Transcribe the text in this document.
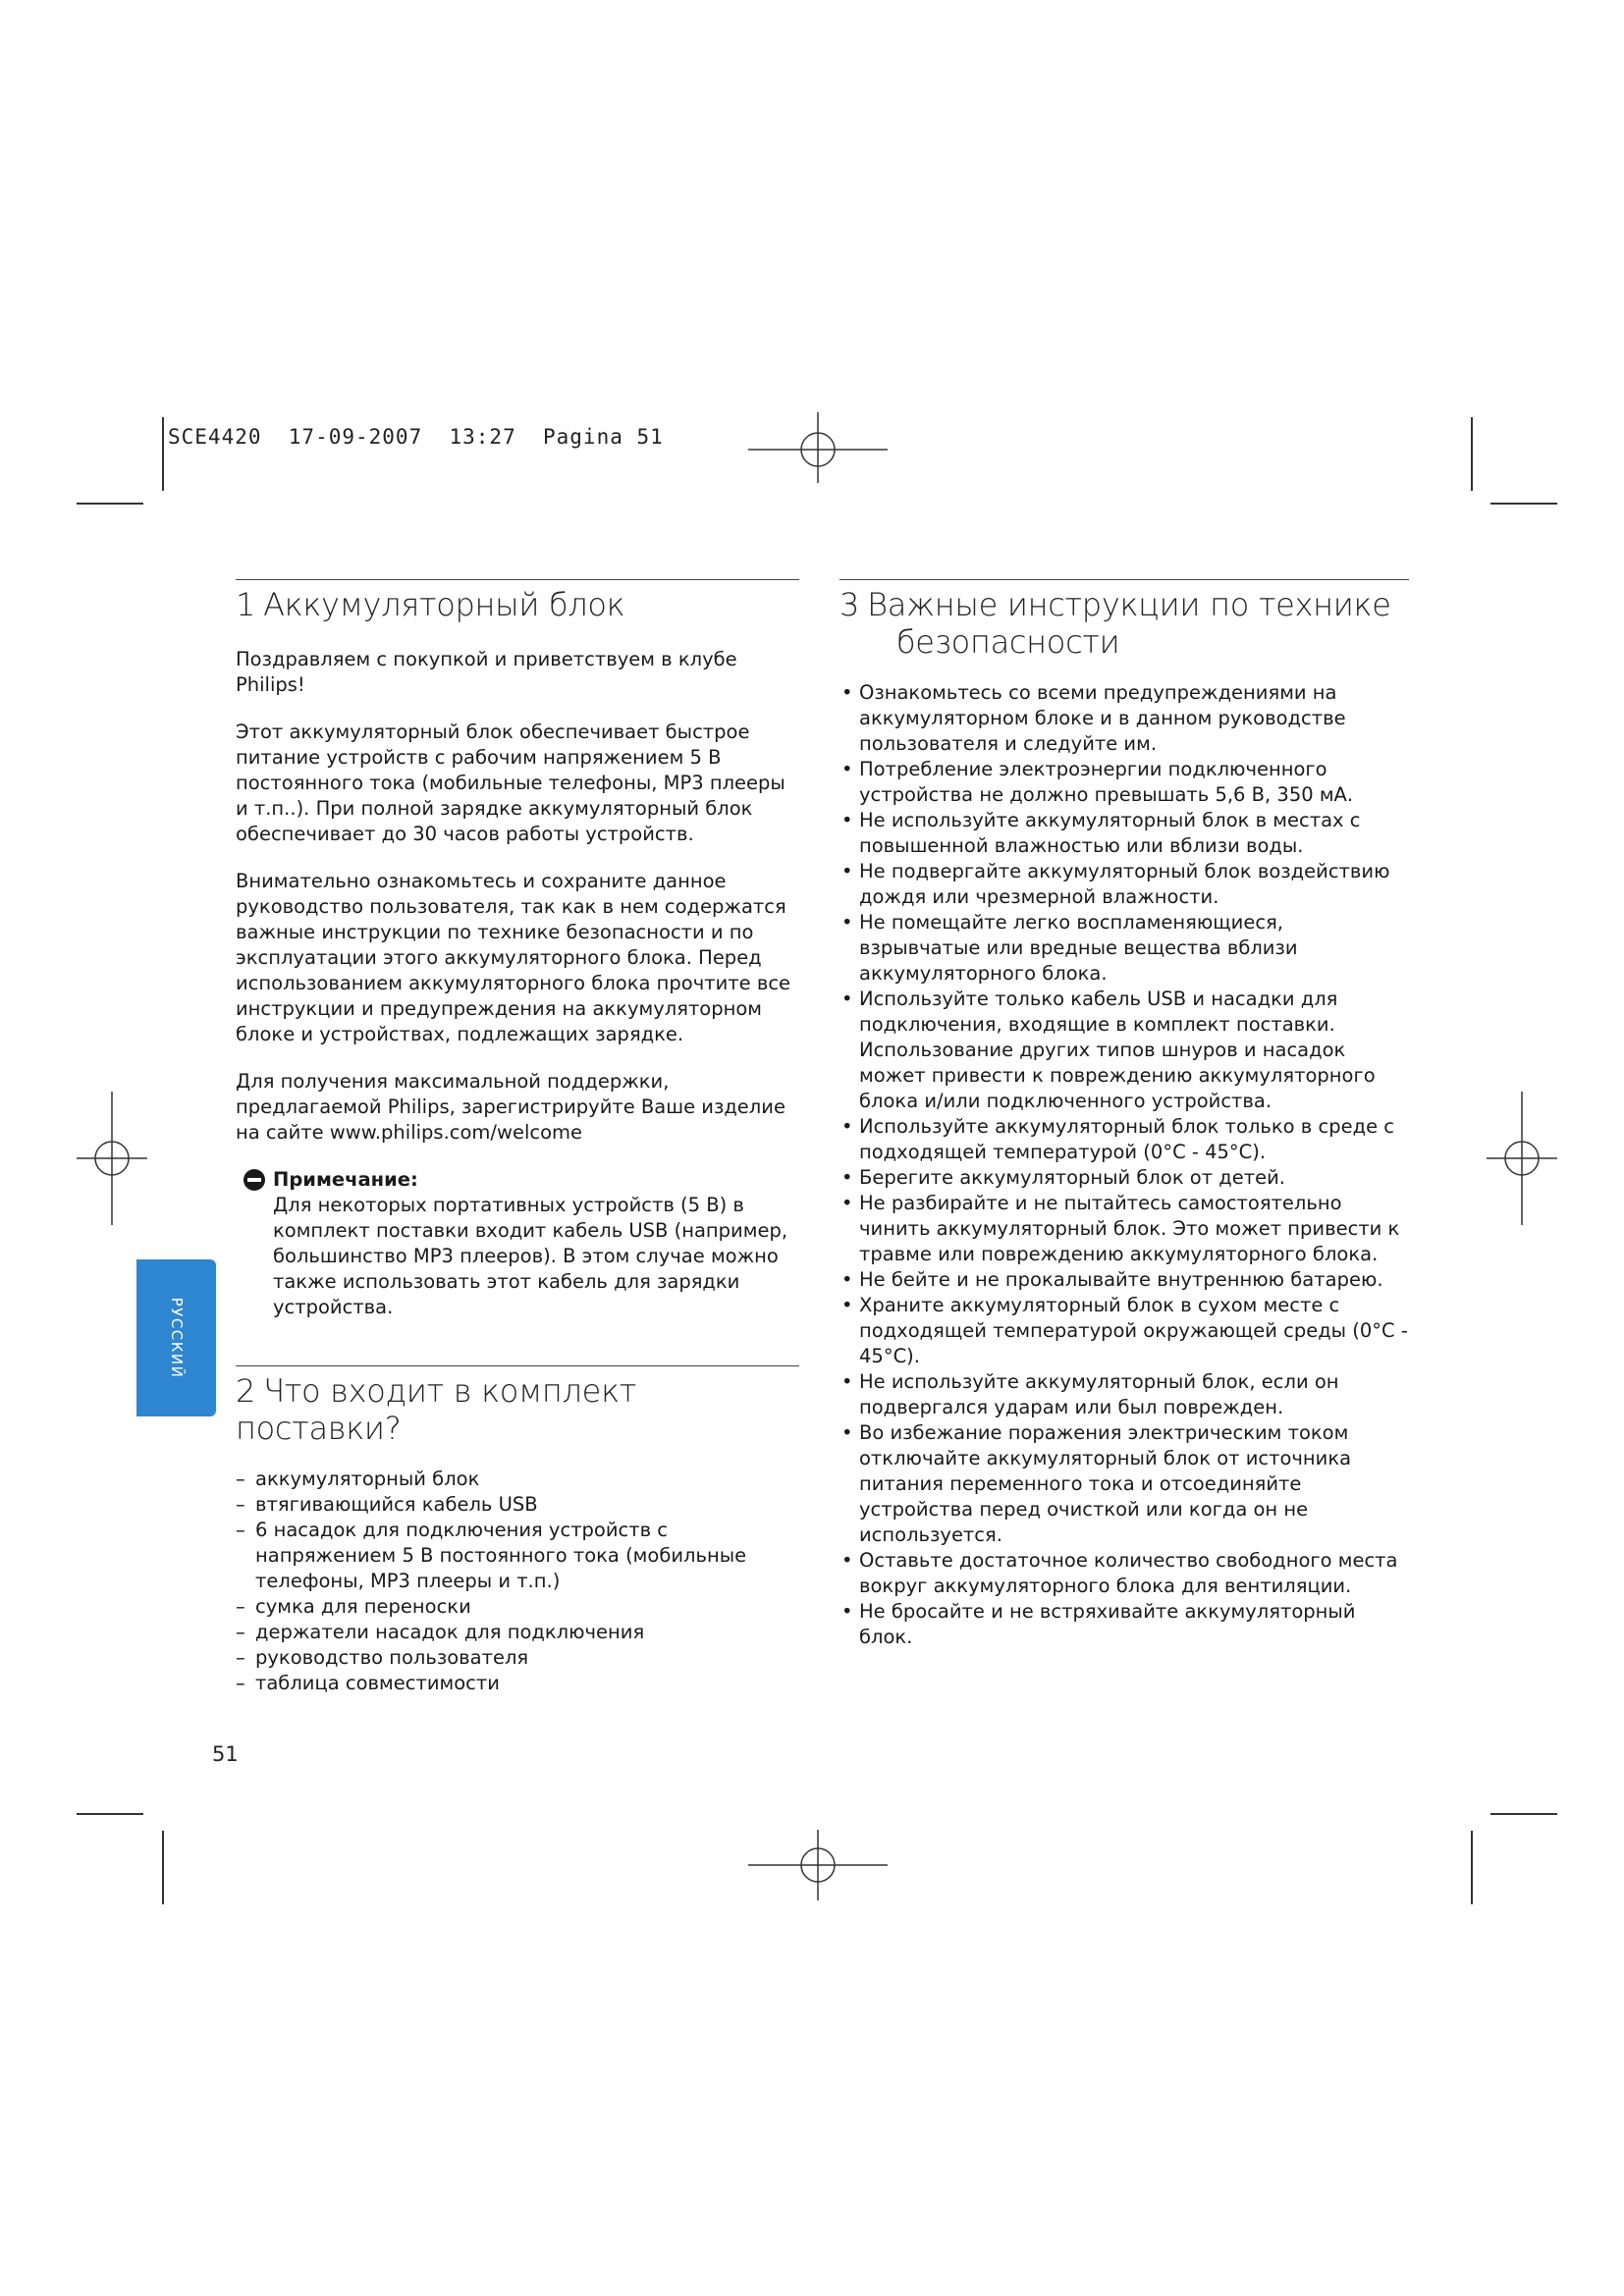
SCE4420  17-09-2007  13:27  Pagina 51
РУССКИЙ
1 Аккумуляторный блок

Поздравляем с покупкой и приветствуем в клубе Philips!

Этот аккумуляторный блок обеспечивает быстрое питание устройств с рабочим напряжением 5 В постоянного тока (мобильные телефоны, MP3 плееры и т.п..). При полной зарядке аккумуляторный блок обеспечивает до 30 часов работы устройств.

Внимательно ознакомьтесь и сохраните данное руководство пользователя, так как в нем содержатся важные инструкции по технике безопасности и по эксплуатации этого аккумуляторного блока. Перед использованием аккумуляторного блока прочтите все инструкции и предупреждения на аккумуляторном блоке и устройствах, подлежащих зарядке.

Для получения максимальной поддержки, предлагаемой Philips, зарегистрируйте Ваше изделие на сайте www.philips.com/welcome

Примечание:

Для некоторых портативных устройств (5 В) в комплект поставки входит кабель USB (например, большинство MP3 плееров). В этом случае можно также использовать этот кабель для зарядки устройства.

2 Что входит в комплект поставки?
– аккумуляторный блок
– втягивающийся кабель USB
– 6 насадок для подключения устройств с напряжением 5 В постоянного тока (мобильные телефоны, MP3 плееры и т.п.)
– сумка для переноски
– держатели насадок для подключения
– руководство пользователя
– таблица совместимости
3 Важные инструкции по технике
безопасности
• Ознакомьтесь со всеми предупреждениями на аккумуляторном блоке и в данном руководстве пользователя и следуйте им.
• Потребление электроэнергии подключенного устройства не должно превышать 5,6 В, 350 мА.
• Не используйте аккумуляторный блок в местах с повышенной влажностью или вблизи воды.
• Не подвергайте аккумуляторный блок воздействию дождя или чрезмерной влажности.
• Не помещайте легко воспламеняющиеся, взрывчатые или вредные вещества вблизи аккумуляторного блока.
• Используйте только кабель USB и насадки для подключения, входящие в комплект поставки. Использование других типов шнуров и насадок может привести к повреждению аккумуляторного блока и/или подключенного устройства.
• Используйте аккумуляторный блок только в среде с подходящей температурой (0°C - 45°C).
• Берегите аккумуляторный блок от детей.
• Не разбирайте и не пытайтесь самостоятельно чинить аккумуляторный блок. Это может привести к травме или повреждению аккумуляторного блока.
• Не бейте и не прокалывайте внутреннюю батарею.
• Храните аккумуляторный блок в сухом месте с подходящей температурой окружающей среды (0°C - 45°C).
• Не используйте аккумуляторный блок, если он подвергался ударам или был поврежден.
• Во избежание поражения электрическим током отключайте аккумуляторный блок от источника питания переменного тока и отсоединяйте устройства перед очисткой или когда он не используется.
• Оставьте достаточное количество свободного места вокруг аккумуляторного блока для вентиляции.
• Не бросайте и не встряхивайте аккумуляторный блок.
51
